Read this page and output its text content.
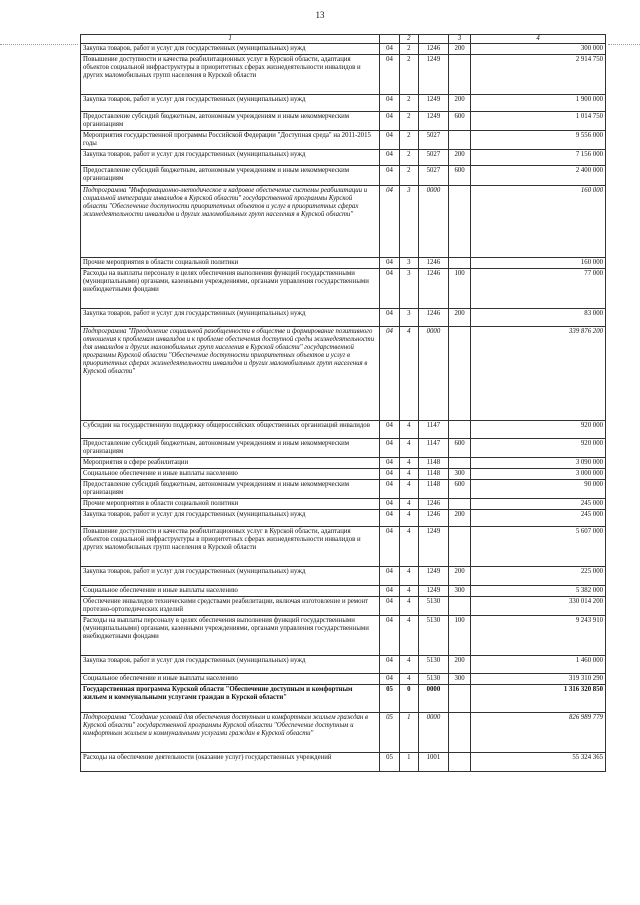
13
1		2		3	4
Закупка товаров, работ и услуг для государственных (муниципальных) нужд	04	2	1246	200	300 000
Повышение доступности и качества реабилитационных услуг в Курской области, адаптация объектов социальной инфраструктуры в приоритетных сферах жизнедеятельности инвалидов и других маломобильных групп населения в Курской области	04	2	1249		2 914 750
Закупка товаров, работ и услуг для государственных (муниципальных) нужд	04	2	1249	200	1 900 000
Предоставление субсидий бюджетным, автономным учреждениям и иным некоммерческим организациям	04	2	1249	600	1 014 750
Мероприятия государственной программы Российской Федерации "Доступная среда" на 2011-2015 годы	04	2	5027		9 556 000
Закупка товаров, работ и услуг для государственных (муниципальных) нужд	04	2	5027	200	7 156 000
Предоставление субсидий бюджетным, автономным учреждениям и иным некоммерческим организациям	04	2	5027	600	2 400 000
Подпрограмма "Информационно-методическое и кадровое обеспечение системы реабилитации и социальной интеграции инвалидов в Курской области" государственной программы Курской области "Обеспечение доступности приоритетных объектов и услуг в приоритетных сферах жизнедеятельности инвалидов и других маломобильных групп населения в Курской области"	04	3	0000		160 000
Прочие мероприятия в области социальной политики	04	3	1246		160 000
Расходы на выплаты персоналу в целях обеспечения выполнения функций государственными (муниципальными) органами, казенными учреждениями, органами управления государственными внебюджетными фондами	04	3	1246	100	77 000
Закупка товаров, работ и услуг для государственных (муниципальных) нужд	04	3	1246	200	83 000
Подпрограмма "Преодоление социальной разобщенности в обществе и формирование позитивного отношения к проблемам инвалидов и к проблеме обеспечения доступной среды жизнедеятельности для инвалидов и других маломобильных групп населения в Курской области" государственной программы Курской области "Обеспечение доступности приоритетных объектов и услуг в приоритетных сферах жизнедеятельности инвалидов и других маломобильных групп населения в Курской области"	04	4	0000		339 876 200
Субсидии на государственную поддержку общероссийских общественных организаций инвалидов	04	4	1147		920 000
Предоставление субсидий бюджетным, автономным учреждениям и иным некоммерческим организациям	04	4	1147	600	920 000
Мероприятия в сфере реабилитации	04	4	1148		3 090 000
Социальное обеспечение и иные выплаты населению	04	4	1148	300	3 000 000
Предоставление субсидий бюджетным, автономным учреждениям и иным некоммерческим организациям	04	4	1148	600	90 000
Прочие мероприятия в области социальной политики	04	4	1246		245 000
Закупка товаров, работ и услуг для государственных (муниципальных) нужд	04	4	1246	200	245 000
Повышение доступности и качества реабилитационных услуг в Курской области, адаптация объектов социальной инфраструктуры в приоритетных сферах жизнедеятельности инвалидов и других маломобильных групп населения в Курской области	04	4	1249		5 607 000
Закупка товаров, работ и услуг для государственных (муниципальных) нужд	04	4	1249	200	225 000
Социальное обеспечение и иные выплаты населению	04	4	1249	300	5 382 000
Обеспечение инвалидов техническими средствами реабилитации, включая изготовление и ремонт протезно-ортопедических изделий	04	4	5130		330 014 200
Расходы на выплаты персоналу в целях обеспечения выполнения функций государственными (муниципальными) органами, казенными учреждениями, органами управления государственными внебюджетными фондами	04	4	5130	100	9 243 910
Закупка товаров, работ и услуг для государственных (муниципальных) нужд	04	4	5130	200	1 460 000
Социальное обеспечение и иные выплаты населению	04	4	5130	300	319 310 290
Государственная программа Курской области "Обеспечение доступным и комфортным жильем и коммунальными услугами граждан в Курской области"	05	0	0000		1 316 320 850
Подпрограмма "Создание условий для обеспечения доступным и комфортным жильем граждан в Курской области" государственной программы Курской области "Обеспечение доступным и комфортным жильем и коммунальными услугами граждан в Курской области"	05	1	0000		826 989 779
Расходы на обеспечение деятельности (оказание услуг) государственных учреждений	05	1	1001		55 324 365
